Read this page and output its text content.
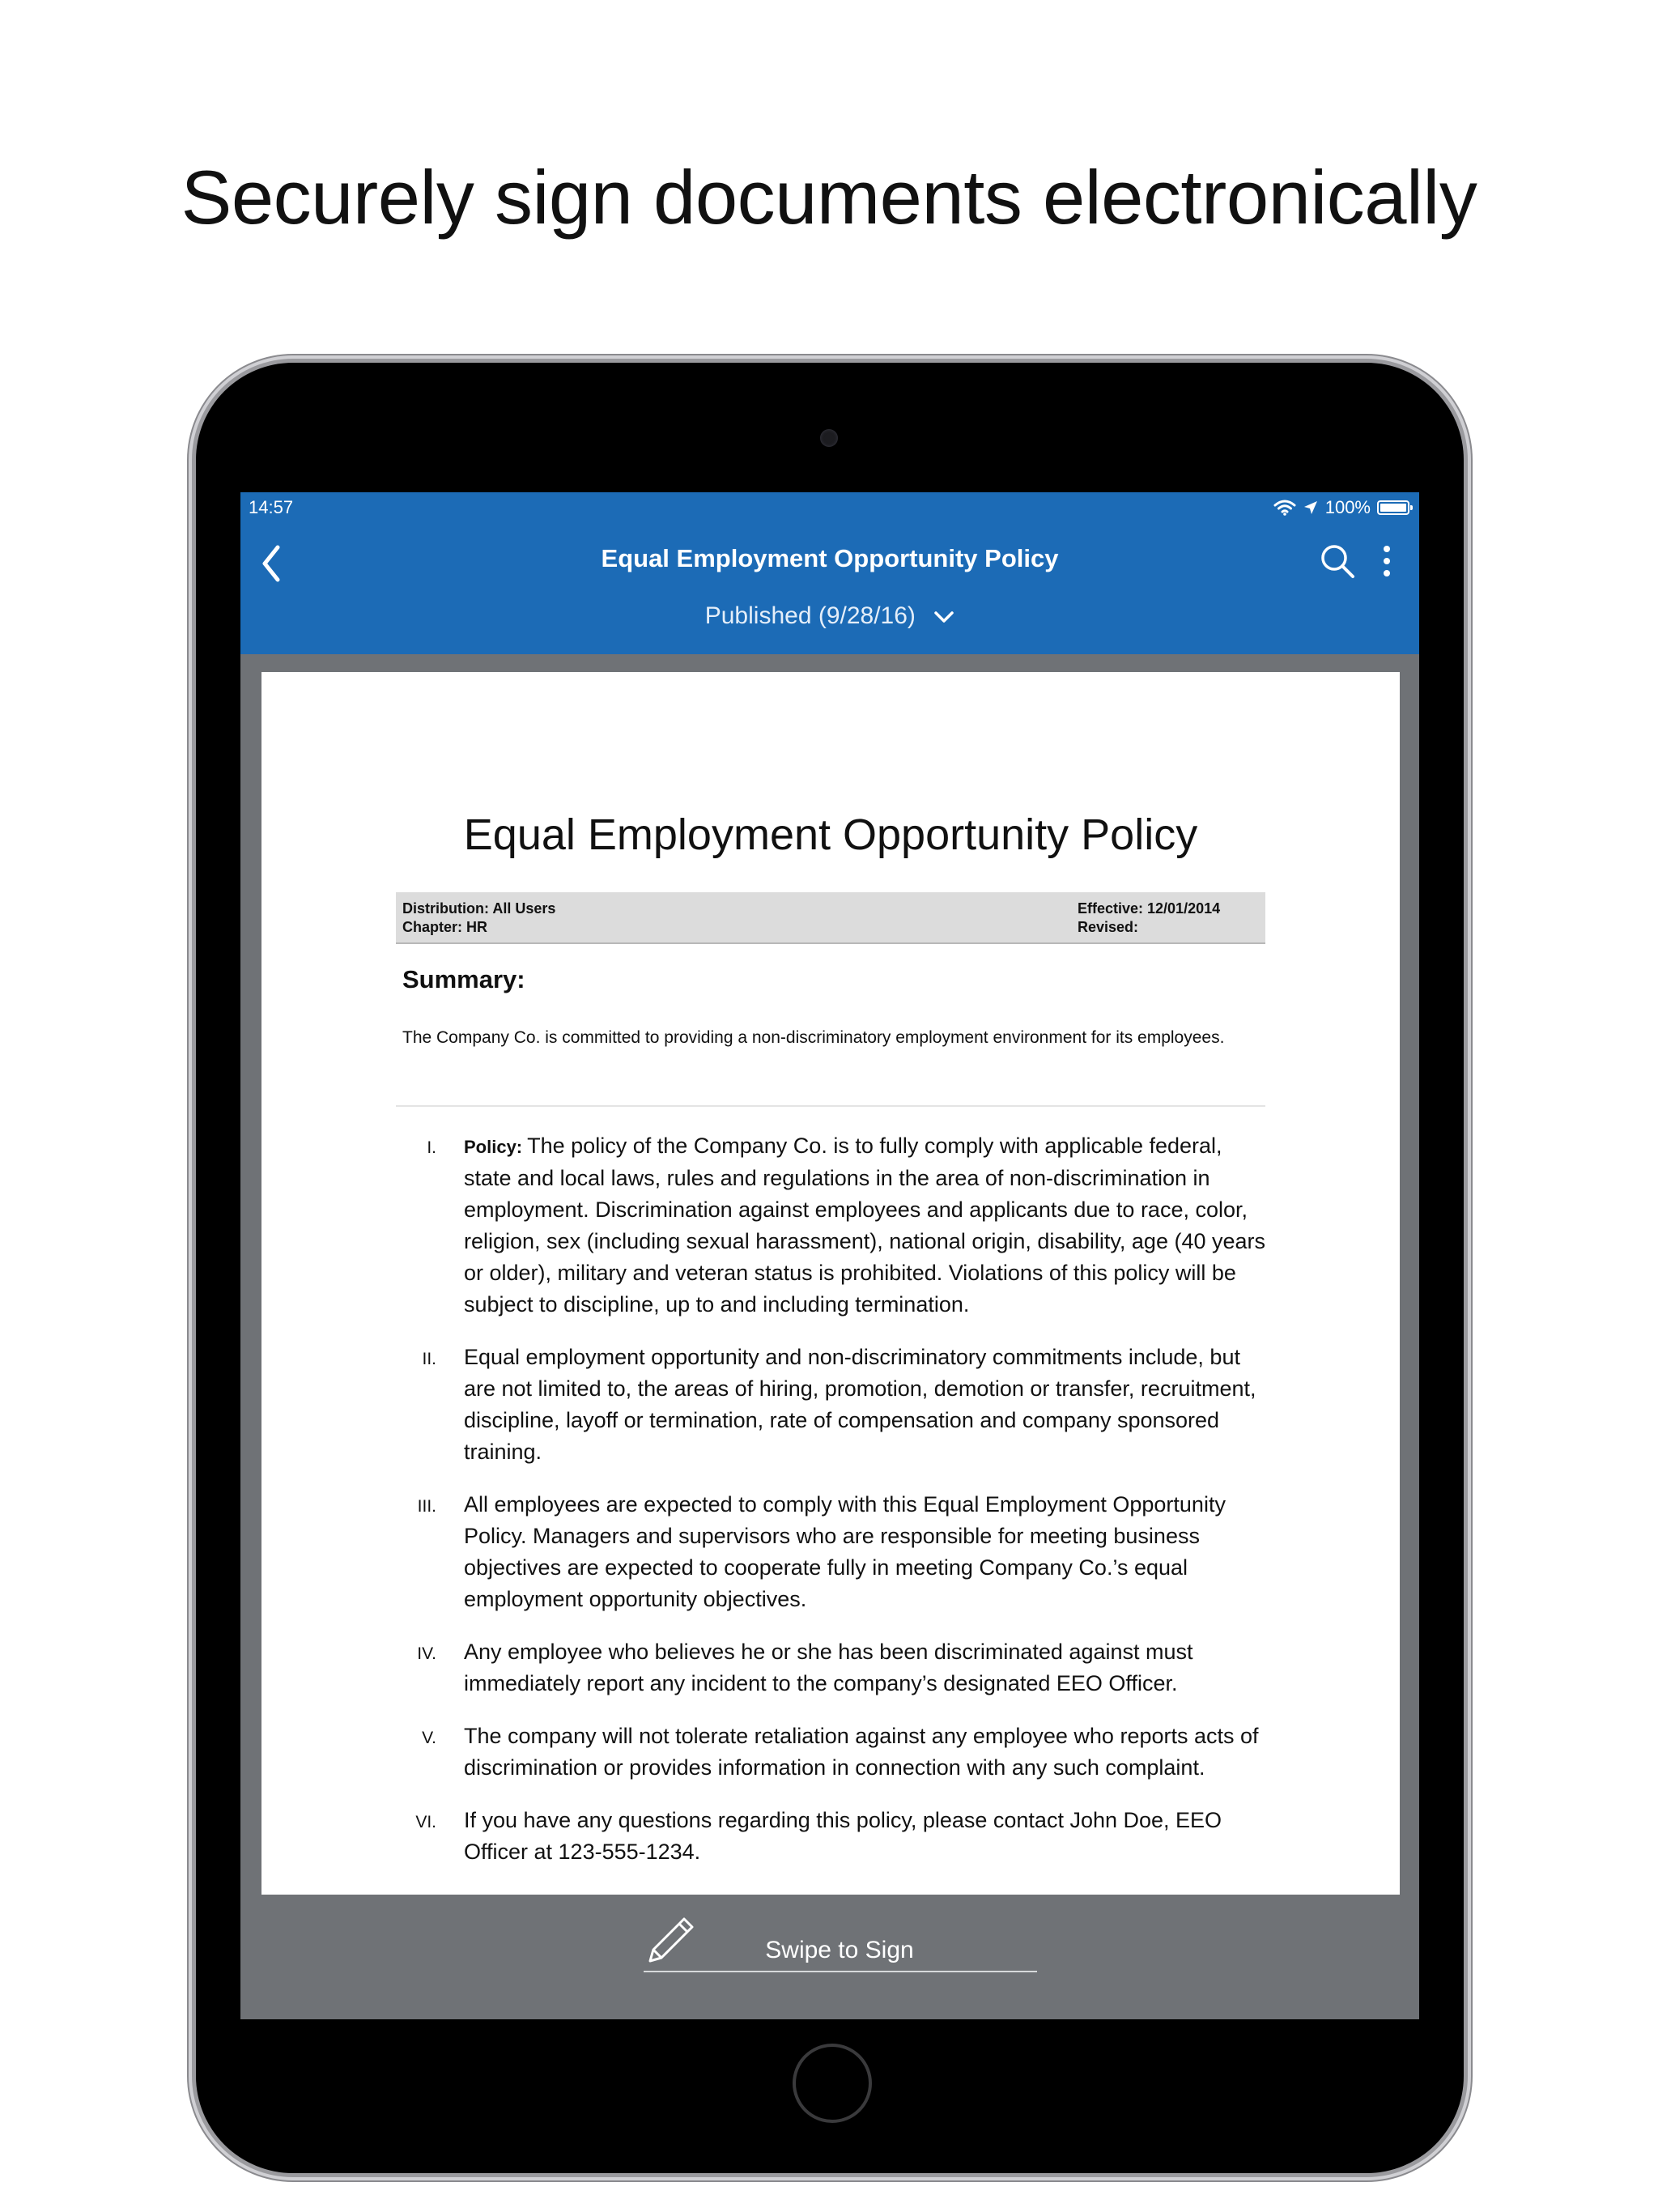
Securely sign documents electronically
14:57	100%
Equal Employment Opportunity Policy
Published (9/28/16)
Equal Employment Opportunity Policy
Distribution: All Users
Chapter: HR
Effective: 12/01/2014
Revised:
Summary:
The Company Co. is committed to providing a non-discriminatory employment environment for its employees.
I.	Policy: The policy of the Company Co. is to fully comply with applicable federal, state and local laws, rules and regulations in the area of non-discrimination in employment. Discrimination against employees and applicants due to race, color, religion, sex (including sexual harassment), national origin, disability, age (40 years or older), military and veteran status is prohibited. Violations of this policy will be subject to discipline, up to and including termination.
II.	Equal employment opportunity and non-discriminatory commitments include, but are not limited to, the areas of hiring, promotion, demotion or transfer, recruitment, discipline, layoff or termination, rate of compensation and company sponsored training.
III.	All employees are expected to comply with this Equal Employment Opportunity Policy. Managers and supervisors who are responsible for meeting business objectives are expected to cooperate fully in meeting Company Co.’s equal employment opportunity objectives.
IV.	Any employee who believes he or she has been discriminated against must immediately report any incident to the company’s designated EEO Officer.
V.	The company will not tolerate retaliation against any employee who reports acts of discrimination or provides information in connection with any such complaint.
VI.	If you have any questions regarding this policy, please contact John Doe, EEO Officer at 123-555-1234.
Swipe to Sign
